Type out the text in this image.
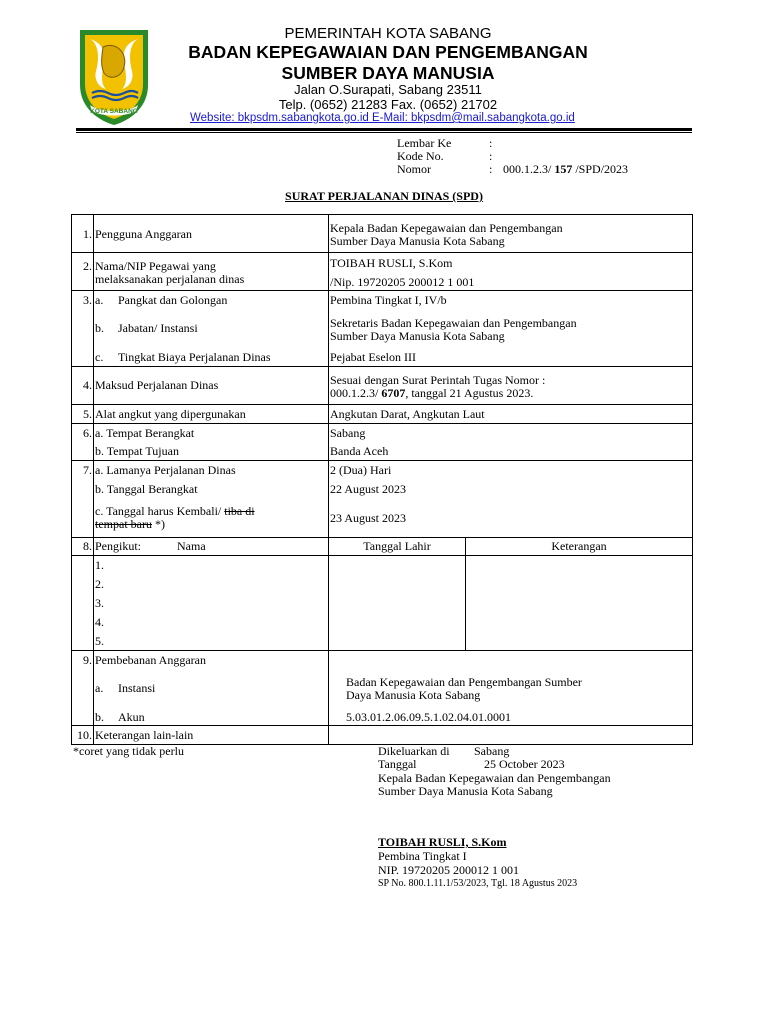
KOTA SABANG
PEMERINTAH KOTA SABANG
BADAN KEPEGAWAIAN DAN PENGEMBANGAN
SUMBER DAYA MANUSIA
Jalan O.Surapati, Sabang 23511
Telp. (0652) 21283 Fax. (0652) 21702
Website: bkpsdm.sabangkota.go.id E-Mail: bkpsdm@mail.sabangkota.go.id
Lembar Ke	:
Kode No.	:
Nomor	: 000.1.2.3/ 157 /SPD/2023
SURAT PERJALANAN DINAS (SPD)
1. Pengguna Anggaran	Kepala Badan Kepegawaian dan Pengembangan
Sumber Daya Manusia Kota Sabang
2. Nama/NIP Pegawai yang
melaksanakan perjalanan dinas
TOIBAH RUSLI, S.Kom
/Nip. 19720205 200012 1 001
3. a. Pangkat dan Golongan	Pembina Tingkat I, IV/b
b. Jabatan/ Instansi	Sekretaris Badan Kepegawaian dan Pengembangan
Sumber Daya Manusia Kota Sabang
c. Tingkat Biaya Perjalanan Dinas	Pejabat Eselon III
4. Maksud Perjalanan Dinas	Sesuai dengan Surat Perintah Tugas Nomor :
000.1.2.3/ 6707, tanggal 21 Agustus 2023.
5. Alat angkut yang dipergunakan	Angkutan Darat, Angkutan Laut
6. a. Tempat Berangkat	Sabang
b. Tempat Tujuan	Banda Aceh
7. a. Lamanya Perjalanan Dinas	2 (Dua) Hari
b. Tanggal Berangkat	22 August 2023
c. Tanggal harus Kembali/ tiba di
tempat baru *)	23 August 2023
8. Pengikut:	Nama	Tanggal Lahir	Keterangan
1.
2.
3.
4.
5.
9. Pembebanan Anggaran
a. Instansi	Badan Kepegawaian dan Pengembangan Sumber
Daya Manusia Kota Sabang
b. Akun	5.03.01.2.06.09.5.1.02.04.01.0001
10. Keterangan lain-lain
*coret yang tidak perlu	Dikeluarkan di Sabang
Tanggal	25 October 2023
Kepala Badan Kepegawaian dan Pengembangan
Sumber Daya Manusia Kota Sabang
TOIBAH RUSLI, S.Kom
Pembina Tingkat I
NIP. 19720205 200012 1 001
SP No. 800.1.11.1/53/2023, Tgl. 18 Agustus 2023
